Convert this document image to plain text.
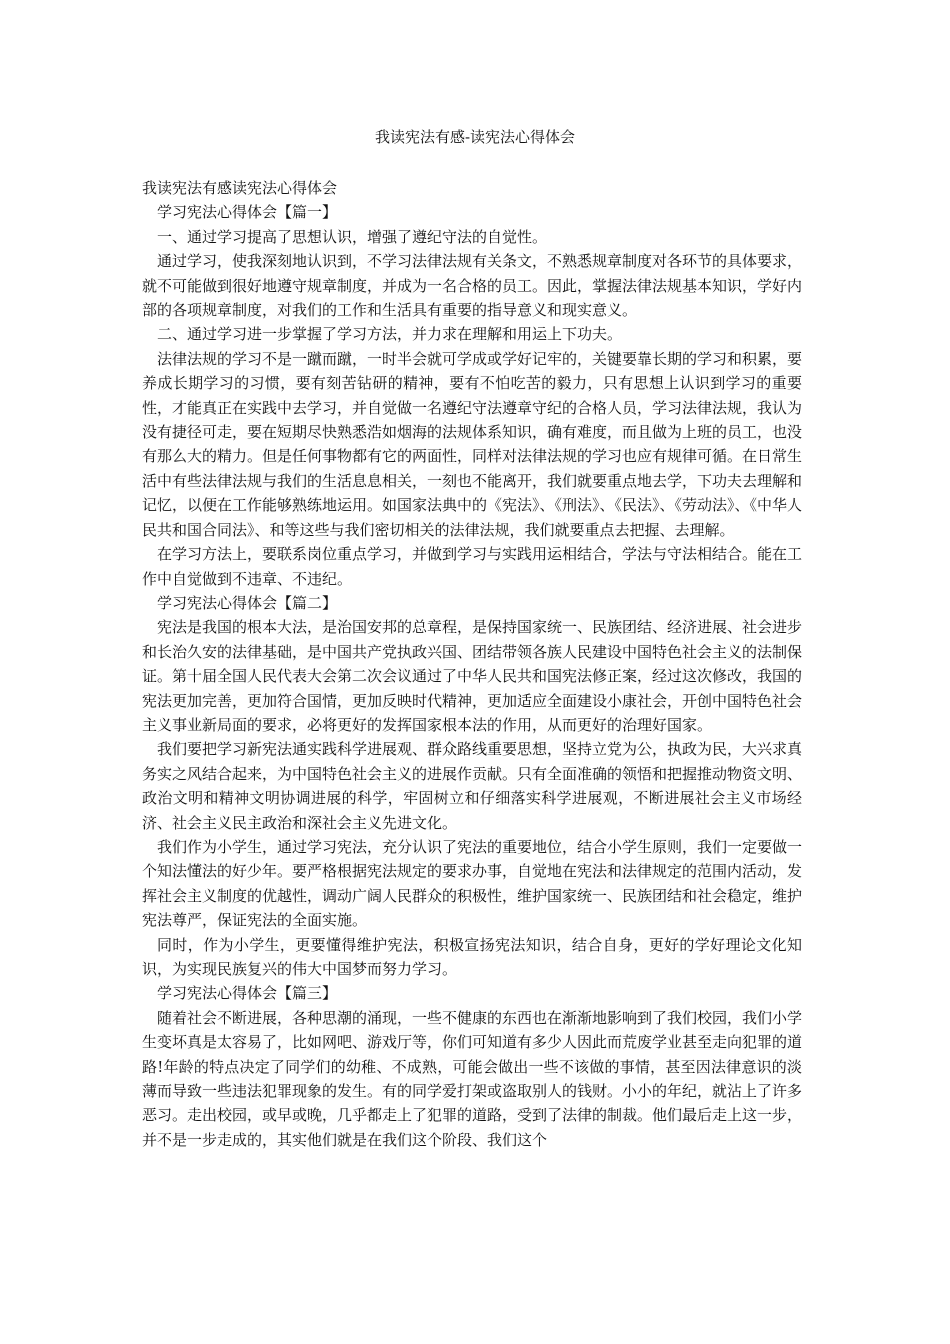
我读宪法有感-读宪法心得体会

我读宪法有感读宪法心得体会

学习宪法心得体会【篇一】

一、通过学习提高了思想认识，增强了遵纪守法的自觉性。

通过学习，使我深刻地认识到，不学习法律法规有关条文，不熟悉规章制度对各环节的具体要求，就不可能做到很好地遵守规章制度，并成为一名合格的员工。因此，掌握法律法规基本知识，学好内部的各项规章制度，对我们的工作和生活具有重要的指导意义和现实意义。

二、通过学习进一步掌握了学习方法，并力求在理解和用运上下功夫。

法律法规的学习不是一蹴而蹴，一时半会就可学成或学好记牢的，关键要靠长期的学习和积累，要养成长期学习的习惯，要有刻苦钻研的精神，要有不怕吃苦的毅力，只有思想上认识到学习的重要性，才能真正在实践中去学习，并自觉做一名遵纪守法遵章守纪的合格人员，学习法律法规，我认为没有捷径可走，要在短期尽快熟悉浩如烟海的法规体系知识，确有难度，而且做为上班的员工，也没有那么大的精力。但是任何事物都有它的两面性，同样对法律法规的学习也应有规律可循。在日常生活中有些法律法规与我们的生活息息相关，一刻也不能离开，我们就要重点地去学，下功夫去理解和记忆，以便在工作能够熟练地运用。如国家法典中的《宪法》、《刑法》、《民法》、《劳动法》、《中华人民共和国合同法》、和等这些与我们密切相关的法律法规，我们就要重点去把握、去理解。

在学习方法上，要联系岗位重点学习，并做到学习与实践用运相结合，学法与守法相结合。能在工作中自觉做到不违章、不违纪。

学习宪法心得体会【篇二】

宪法是我国的根本大法，是治国安邦的总章程，是保持国家统一、民族团结、经济进展、社会进步和长治久安的法律基础，是中国共产党执政兴国、团结带领各族人民建设中国特色社会主义的法制保证。第十届全国人民代表大会第二次会议通过了中华人民共和国宪法修正案，经过这次修改，我国的宪法更加完善，更加符合国情，更加反映时代精神，更加适应全面建设小康社会，开创中国特色社会主义事业新局面的要求，必将更好的发挥国家根本法的作用，从而更好的治理好国家。

我们要把学习新宪法通实践科学进展观、群众路线重要思想，坚持立党为公，执政为民，大兴求真务实之风结合起来，为中国特色社会主义的进展作贡献。只有全面准确的领悟和把握推动物资文明、政治文明和精神文明协调进展的科学，牢固树立和仔细落实科学进展观，不断进展社会主义市场经济、社会主义民主政治和深社会主义先进文化。

我们作为小学生，通过学习宪法，充分认识了宪法的重要地位，结合小学生原则，我们一定要做一个知法懂法的好少年。要严格根据宪法规定的要求办事，自觉地在宪法和法律规定的范围内活动，发挥社会主义制度的优越性，调动广阔人民群众的积极性，维护国家统一、民族团结和社会稳定，维护宪法尊严，保证宪法的全面实施。

同时，作为小学生，更要懂得维护宪法，积极宣扬宪法知识，结合自身，更好的学好理论文化知识，为实现民族复兴的伟大中国梦而努力学习。

学习宪法心得体会【篇三】

随着社会不断进展，各种思潮的涌现，一些不健康的东西也在渐渐地影响到了我们校园，我们小学生变坏真是太容易了，比如网吧、游戏厅等，你们可知道有多少人因此而荒废学业甚至走向犯罪的道路!年龄的特点决定了同学们的幼稚、不成熟，可能会做出一些不该做的事情，甚至因法律意识的淡薄而导致一些违法犯罪现象的发生。有的同学爱打架或盗取别人的钱财。小小的年纪，就沾上了许多恶习。走出校园，或早或晚，几乎都走上了犯罪的道路，受到了法律的制裁。他们最后走上这一步，并不是一步走成的，其实他们就是在我们这个阶段、我们这个
